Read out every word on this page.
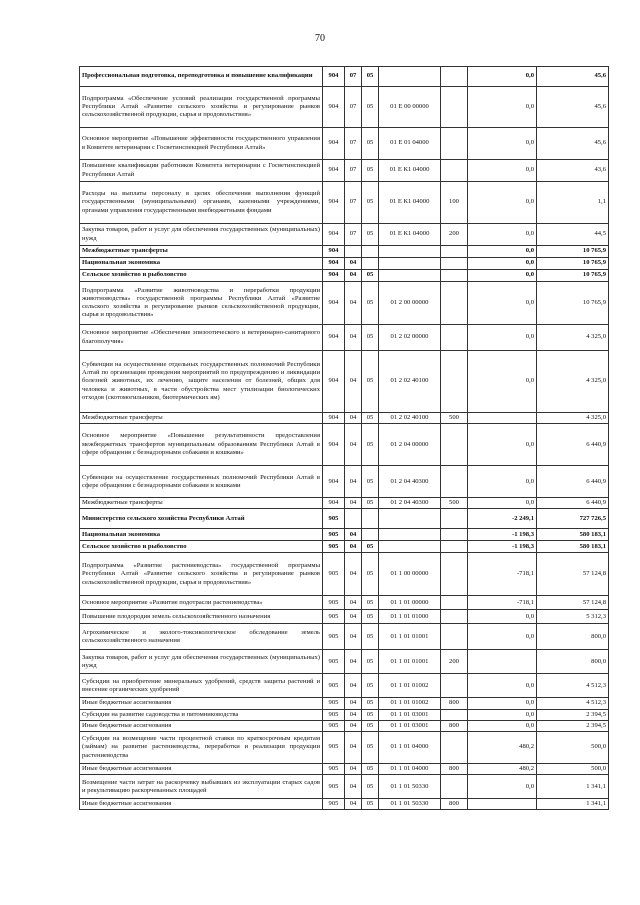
70
Профессиональная подготовка, переподготовка и повышение квалификации	904	07	05			0,0	45,6
Подпрограмма «Обеспечение условий реализации государственной программы Республики Алтай «Развитие сельского хозяйства и регулирование рынков сельскохозяйственной продукции, сырья и продовольствия»	904	07	05	01 Е 00 00000		0,0	45,6
Основное мероприятие «Повышение эффективности государственного управления в Комитете ветеринарии с Госветинспекцией Республики Алтай»	904	07	05	01 Е 01 04000		0,0	45,6
Повышение квалификации работников Комитета ветеринарии с Госветинспекцией Республики Алтай	904	07	05	01 Е К1 04000		0,0	43,6
Расходы на выплаты персоналу в целях обеспечения выполнения функций государственными (муниципальными) органами, казенными учреждениями, органами управления государственными внебюджетными фондами	904	07	05	01 Е К1 04000	100	0,0	1,1
Закупка товаров, работ и услуг для обеспечения государственных (муниципальных) нужд	904	07	05	01 Е К1 04000	200	0,0	44,5
Межбюджетные трансферты	904					0,0	10 765,9
Национальная экономика	904	04				0,0	10 765,9
Сельское хозяйство и рыболовство	904	04	05			0,0	10 765,9
Подпрограмма «Развитие животноводства и переработки продукции животноводства» государственной программы Республики Алтай «Развитие сельского хозяйства и регулирование рынков сельскохозяйственной продукции, сырья и продовольствия»	904	04	05	01 2 00 00000		0,0	10 765,9
Основное мероприятие «Обеспечение эпизоотического и ветеринарно-санитарного благополучия»	904	04	05	01 2 02 00000		0,0	4 325,0
Субвенции на осуществление отдельных государственных полномочий Республики Алтай по организации проведения мероприятий по предупреждению и ликвидации болезней животных, их лечению, защите населения от болезней, общих для человека и животных, в части обустройства мест утилизации биологических отходов (скотомогильников, биотермических ям)	904	04	05	01 2 02 40100		0,0	4 325,0
Межбюджетные трансферты	904	04	05	01 2 02 40100	500		4 325,0
Основное мероприятие «Повышение результативности предоставления межбюджетных трансфертов муниципальным образованиям Республики Алтай в сфере обращения с безнадзорными собаками и кошками»	904	04	05	01 2 04 00000		0,0	6 440,9
Субвенции на осуществление государственных полномочий Республики Алтай в сфере обращения с безнадзорными собаками и кошками	904	04	05	01 2 04 40300		0,0	6 440,9
Межбюджетные трансферты	904	04	05	01 2 04 40300	500	0,0	6 440,9
Министерство сельского хозяйства Республики Алтай	905					-2 249,1	727 726,5
Национальная экономика	905	04				-1 198,3	580 183,1
Сельское хозяйство и рыболовство	905	04	05			-1 198,3	580 183,1
Подпрограмма «Развитие растениеводства» государственной программы Республики Алтай «Развитие сельского хозяйства и регулирование рынков сельскохозяйственной продукции, сырья и продовольствия»	905	04	05	01 1 00 00000		-718,1	57 124,8
Основное мероприятие «Развитие подотрасли растениеводства»	905	04	05	01 1 01 00000		-718,1	57 124,8
Повышение плодородия земель сельскохозяйственного назначения	905	04	05	01 1 01 01000		0,0	5 312,3
Агрохимическое и эколого-токсикологическое обследование земель сельскохозяйственного назначения	905	04	05	01 1 01 01001		0,0	800,0
Закупка товаров, работ и услуг для обеспечения государственных (муниципальных) нужд	905	04	05	01 1 01 01001	200		800,0
Субсидии на приобретение минеральных удобрений, средств защиты растений и внесение органических удобрений	905	04	05	01 1 01 01002		0,0	4 512,3
Иные бюджетные ассигнования	905	04	05	01 1 01 01002	800	0,0	4 512,3
Субсидии на развитие садоводства и питомниководства	905	04	05	01 1 01 03001		0,0	2 394,5
Иные бюджетные ассигнования	905	04	05	01 1 01 03001	800	0,0	2 394,5
Субсидии на возмещение части процентной ставки по краткосрочным кредитам (займам) на развитие растениеводства, переработки и реализации продукции растениеводства	905	04	05	01 1 01 04000		480,2	500,0
Иные бюджетные ассигнования	905	04	05	01 1 01 04000	800	480,2	500,0
Возмещение части затрат на раскорчевку выбывших из эксплуатации старых садов и рекультивацию раскорчеванных площадей	905	04	05	01 1 01 50330		0,0	1 341,1
Иные бюджетные ассигнования	905	04	05	01 1 01 50330	800		1 341,1
